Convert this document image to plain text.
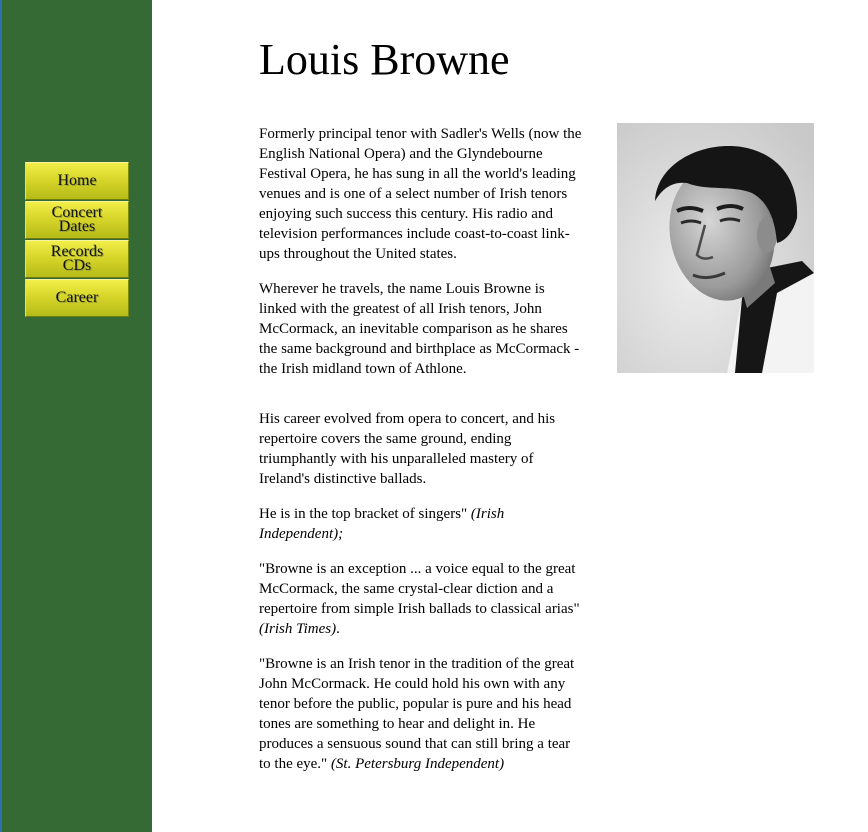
Home
Concert
Dates
Records
CDs
Career
Louis Browne

Formerly principal tenor with Sadler's Wells (now the English National Opera) and the Glyndebourne Festival Opera, he has sung in all the world's leading venues and is one of a select number of Irish tenors enjoying such success this century. His radio and television performances include coast-to-coast link-ups throughout the United states.

Wherever he travels, the name Louis Browne is linked with the greatest of all Irish tenors, John McCormack, an inevitable comparison as he shares the same background and birthplace as McCormack - the Irish midland town of Athlone.

His career evolved from opera to concert, and his repertoire covers the same ground, ending triumphantly with his unparalleled mastery of Ireland's distinctive ballads.

He is in the top bracket of singers" (Irish Independent);

"Browne is an exception ... a voice equal to the great McCormack, the same crystal-clear diction and a repertoire from simple Irish ballads to classical arias" (Irish Times).

"Browne is an Irish tenor in the tradition of the great John McCormack. He could hold his own with any tenor before the public, popular is pure and his head tones are something to hear and delight in. He produces a sensuous sound that can still bring a tear to the eye." (St. Petersburg Independent)
